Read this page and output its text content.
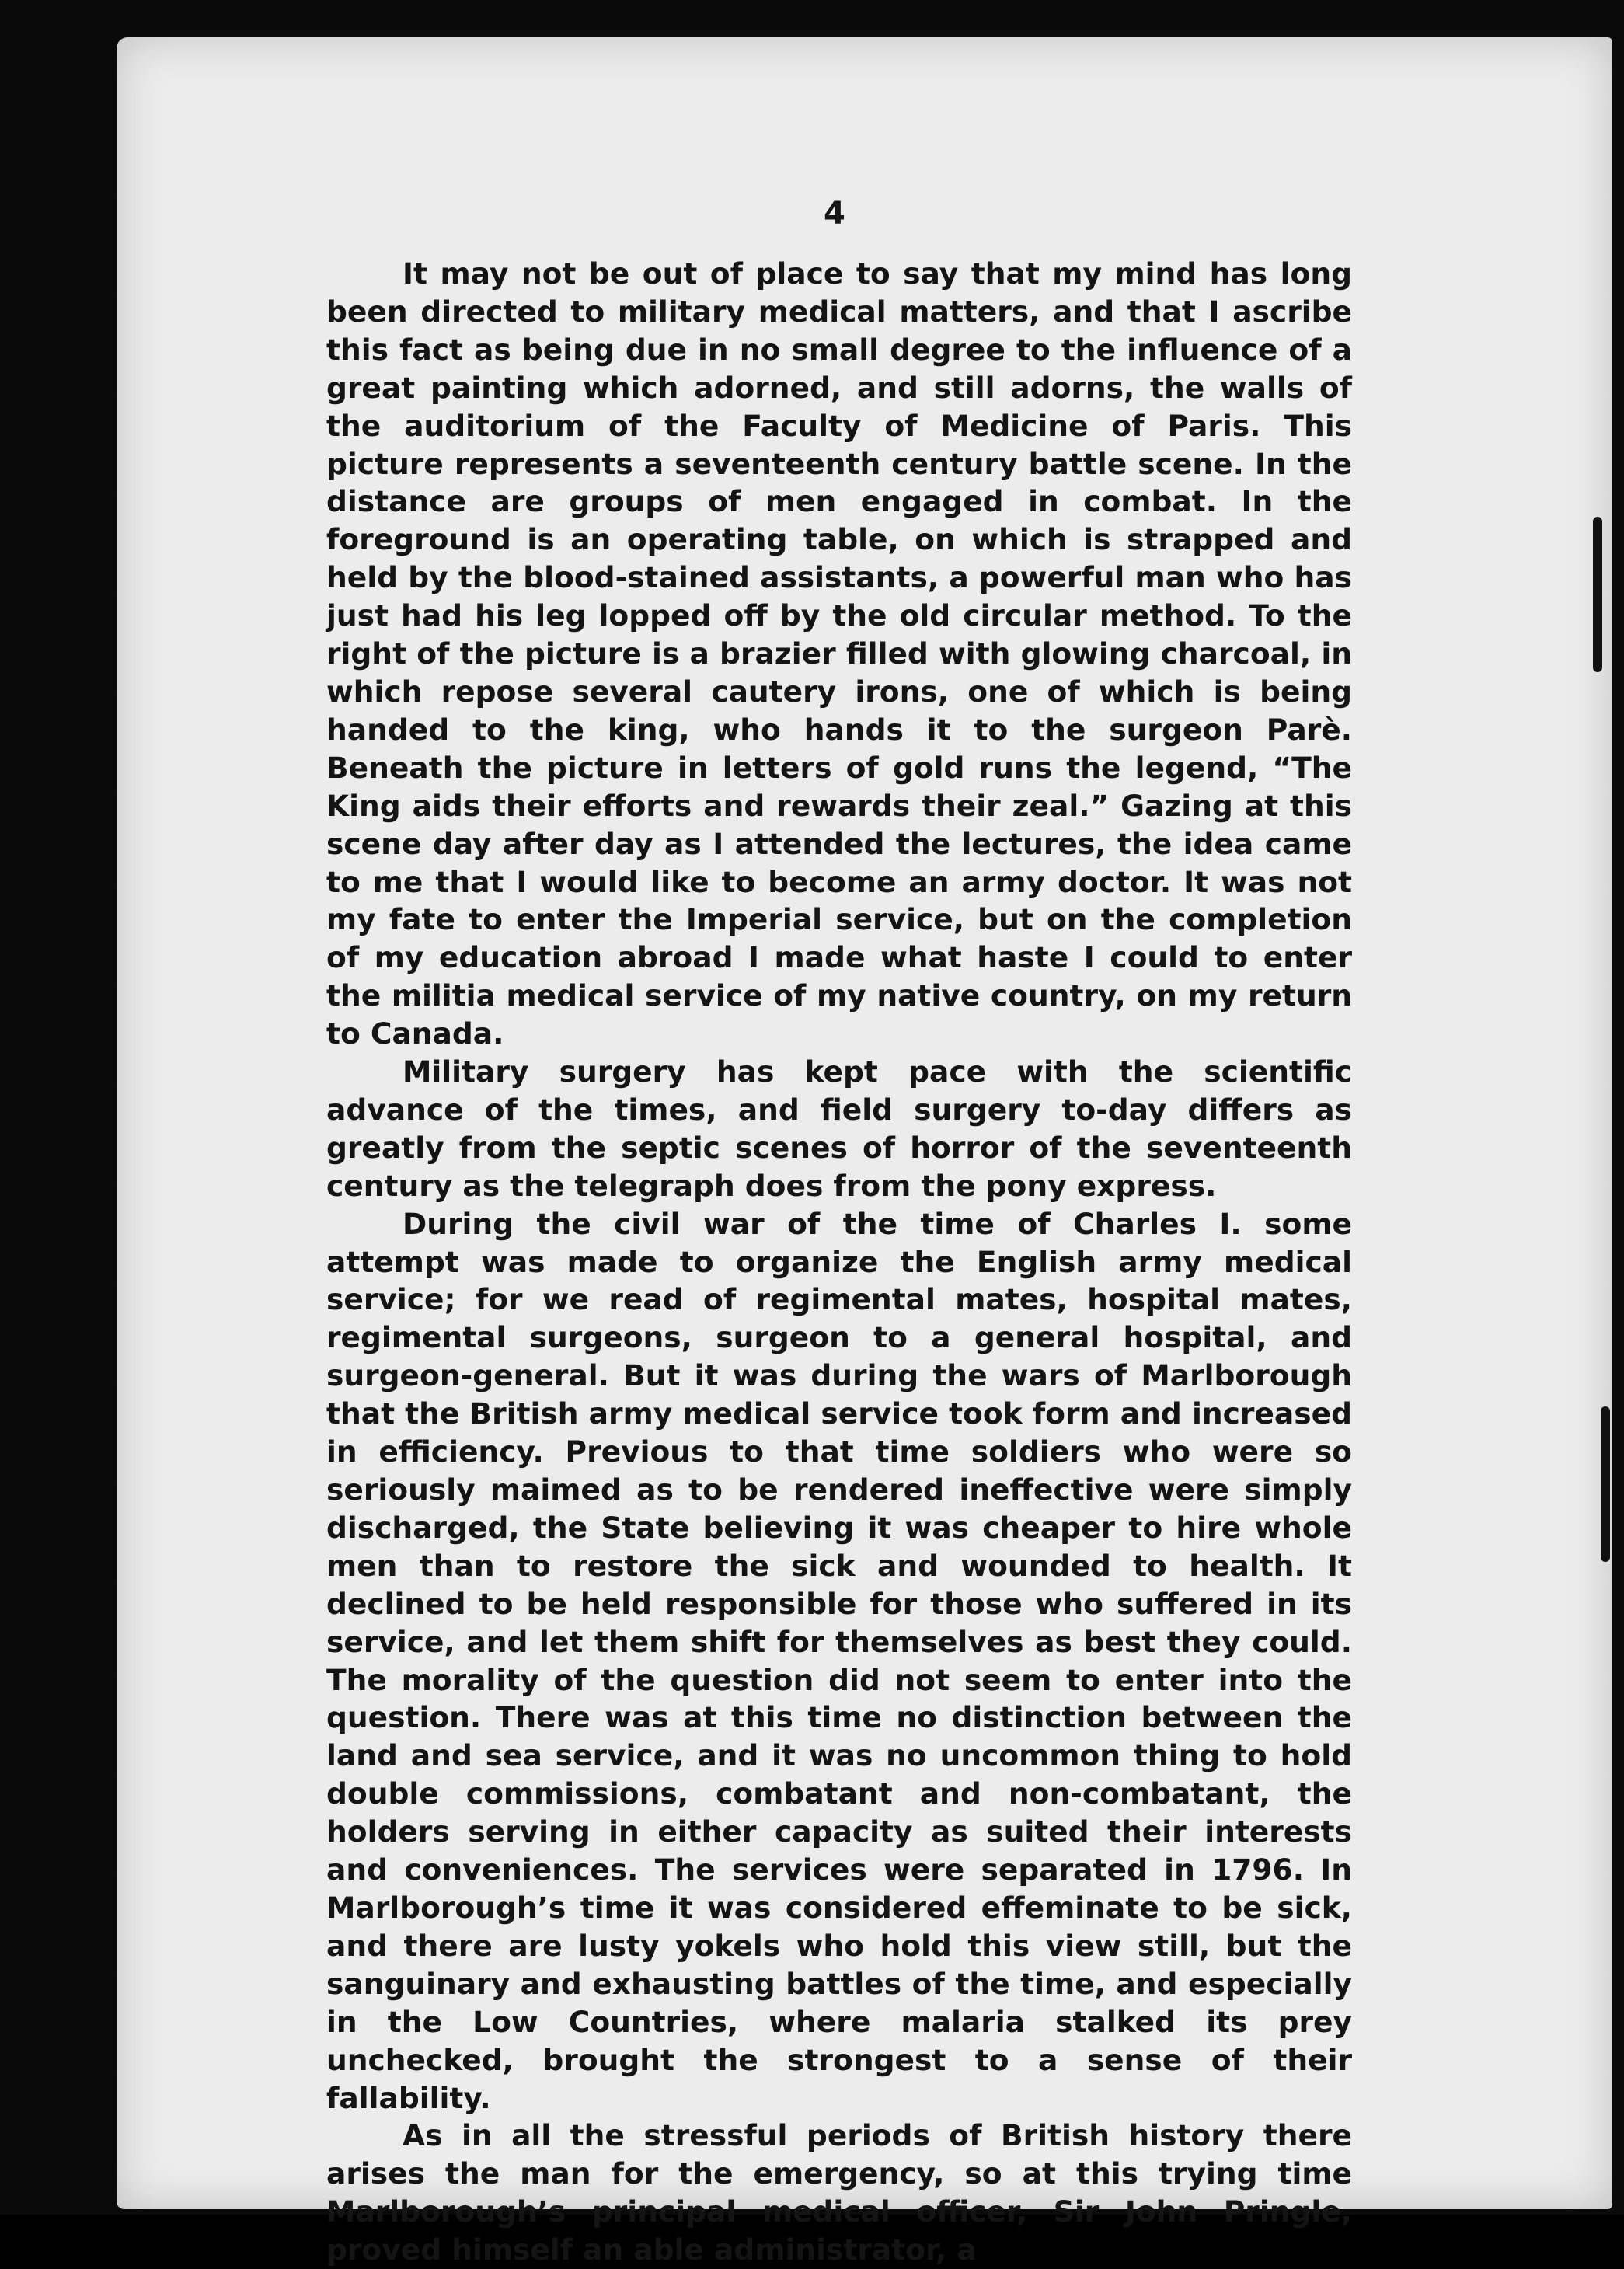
4

It may not be out of place to say that my mind has long been directed to military medical matters, and that I ascribe this fact as being due in no small degree to the influence of a great painting which adorned, and still adorns, the walls of the auditorium of the Faculty of Medicine of Paris. This picture represents a seventeenth century battle scene. In the distance are groups of men engaged in combat. In the foreground is an operating table, on which is strapped and held by the blood-stained assistants, a powerful man who has just had his leg lopped off by the old circular method. To the right of the picture is a brazier filled with glowing charcoal, in which repose several cautery irons, one of which is being handed to the king, who hands it to the surgeon Parè. Beneath the picture in letters of gold runs the legend, “The King aids their efforts and rewards their zeal.” Gazing at this scene day after day as I attended the lectures, the idea came to me that I would like to become an army doctor. It was not my fate to enter the Imperial service, but on the completion of my education abroad I made what haste I could to enter the militia medical service of my native country, on my return to Canada.

Military surgery has kept pace with the scientific advance of the times, and field surgery to-day differs as greatly from the septic scenes of horror of the seventeenth century as the telegraph does from the pony express.

During the civil war of the time of Charles I. some attempt was made to organize the English army medical service; for we read of regimental mates, hospital mates, regimental surgeons, surgeon to a general hospital, and surgeon-general. But it was during the wars of Marlborough that the British army medical service took form and increased in efficiency. Previous to that time soldiers who were so seriously maimed as to be rendered ineffective were simply discharged, the State believing it was cheaper to hire whole men than to restore the sick and wounded to health. It declined to be held responsible for those who suffered in its service, and let them shift for themselves as best they could. The morality of the question did not seem to enter into the question. There was at this time no distinction between the land and sea service, and it was no uncommon thing to hold double commissions, combatant and non-combatant, the holders serving in either capacity as suited their interests and conveniences. The services were separated in 1796. In Marlborough’s time it was considered effeminate to be sick, and there are lusty yokels who hold this view still, but the sanguinary and exhausting battles of the time, and especially in the Low Countries, where malaria stalked its prey unchecked, brought the strongest to a sense of their fallability.

As in all the stressful periods of British history there arises the man for the emergency, so at this trying time Marlborough’s principal medical officer, Sir John Pringle, proved himself an able administrator, a
